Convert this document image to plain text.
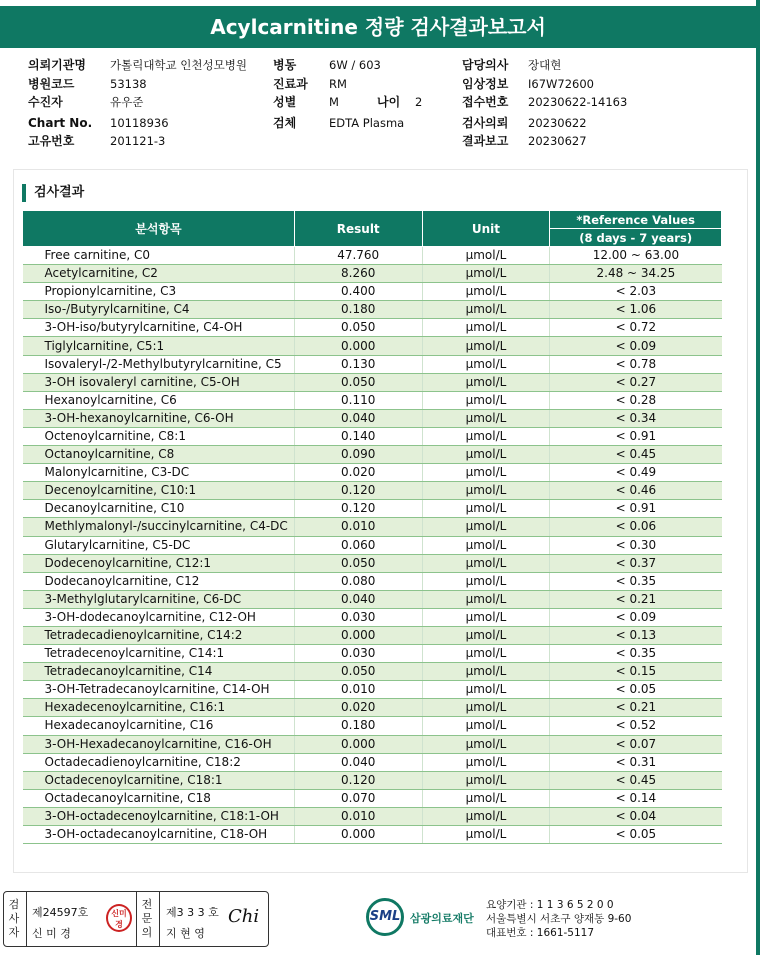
Acylcarnitine 정량 검사결과보고서
의뢰기관명 가톨릭대학교 인천성모병원
병원코드	53138
수진자	유우준
Chart No. 10118936
고유번호	201121-3
병동	6W / 603
진료과 RM
성별	M	나이 2
검체	EDTA Plasma
담당의사 장대현
임상정보 I67W72600
접수번호 20230622-14163
검사의뢰 20230622
결과보고 20230627
검사결과
분석항목	Result	Unit	*Reference Values
			(8 days - 7 years)
Free carnitine, C0	47.760	µmol/L	12.00 ~ 63.00
Acetylcarnitine, C2	8.260	µmol/L	2.48 ~ 34.25
Propionylcarnitine, C3	0.400	µmol/L	< 2.03
Iso-/Butyrylcarnitine, C4	0.180	µmol/L	< 1.06
3-OH-iso/butyrylcarnitine, C4-OH	0.050	µmol/L	< 0.72
Tiglylcarnitine, C5:1	0.000	µmol/L	< 0.09
Isovaleryl-/2-Methylbutyrylcarnitine, C5	0.130	µmol/L	< 0.78
3-OH isovaleryl carnitine, C5-OH	0.050	µmol/L	< 0.27
Hexanoylcarnitine, C6	0.110	µmol/L	< 0.28
3-OH-hexanoylcarnitine, C6-OH	0.040	µmol/L	< 0.34
Octenoylcarnitine, C8:1	0.140	µmol/L	< 0.91
Octanoylcarnitine, C8	0.090	µmol/L	< 0.45
Malonylcarnitine, C3-DC	0.020	µmol/L	< 0.49
Decenoylcarnitine, C10:1	0.120	µmol/L	< 0.46
Decanoylcarnitine, C10	0.120	µmol/L	< 0.91
Methlymalonyl-/succinylcarnitine, C4-DC	0.010	µmol/L	< 0.06
Glutarylcarnitine, C5-DC	0.060	µmol/L	< 0.30
Dodecenoylcarnitine, C12:1	0.050	µmol/L	< 0.37
Dodecanoylcarnitine, C12	0.080	µmol/L	< 0.35
3-Methylglutarylcarnitine, C6-DC	0.040	µmol/L	< 0.21
3-OH-dodecanoylcarnitine, C12-OH	0.030	µmol/L	< 0.09
Tetradecadienoylcarnitine, C14:2	0.000	µmol/L	< 0.13
Tetradecenoylcarnitine, C14:1	0.030	µmol/L	< 0.35
Tetradecanoylcarnitine, C14	0.050	µmol/L	< 0.15
3-OH-Tetradecanoylcarnitine, C14-OH	0.010	µmol/L	< 0.05
Hexadecenoylcarnitine, C16:1	0.020	µmol/L	< 0.21
Hexadecanoylcarnitine, C16	0.180	µmol/L	< 0.52
3-OH-Hexadecanoylcarnitine, C16-OH	0.000	µmol/L	< 0.07
Octadecadienoylcarnitine, C18:2	0.040	µmol/L	< 0.31
Octadecenoylcarnitine, C18:1	0.120	µmol/L	< 0.45
Octadecanoylcarnitine, C18	0.070	µmol/L	< 0.14
3-OH-octadecenoylcarnitine, C18:1-OH	0.010	µmol/L	< 0.04
3-OH-octadecanoylcarnitine, C18-OH	0.000	µmol/L	< 0.05
검
사
자
제24597호
신 미 경
신미경
전
문
의
제3 3 3 호
지 현 영
Chi	SML 삼광의료재단
요양기관 : 1 1 3 6 5 2 0 0
서울특별시 서초구 양재동 9-60
대표번호 : 1661-5117
